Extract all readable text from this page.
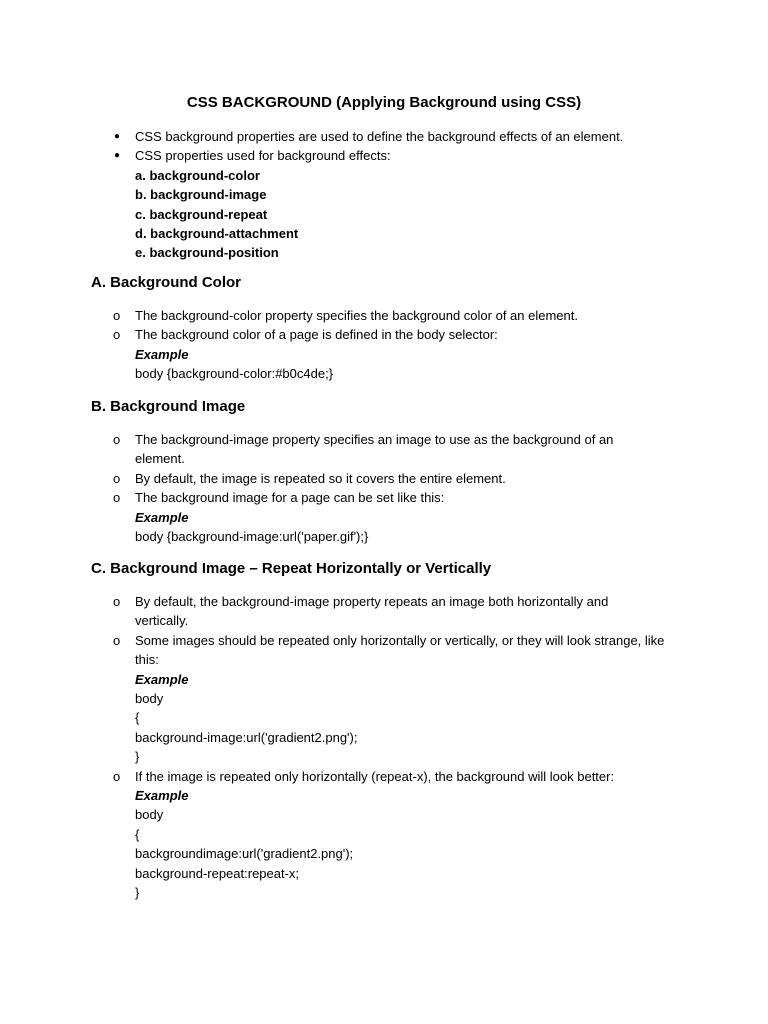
CSS BACKGROUND (Applying Background using CSS)
● CSS background properties are used to define the background effects of an element.
● CSS properties used for background effects:
a. background-color
b. background-image
c. background-repeat
d. background-attachment
e. background-position
A. Background Color
o The background-color property specifies the background color of an element.
o The background color of a page is defined in the body selector:
Example
body {background-color:#b0c4de;}
B. Background Image
o The background-image property specifies an image to use as the background of an element.
o By default, the image is repeated so it covers the entire element.
o The background image for a page can be set like this:
Example
body {background-image:url('paper.gif');}
C. Background Image – Repeat Horizontally or Vertically
o By default, the background-image property repeats an image both horizontally and vertically.
o Some images should be repeated only horizontally or vertically, or they will look strange, like this:
Example
body
{
background-image:url('gradient2.png');
}
o If the image is repeated only horizontally (repeat-x), the background will look better:
Example
body
{
backgroundimage:url('gradient2.png');
background-repeat:repeat-x;
}
